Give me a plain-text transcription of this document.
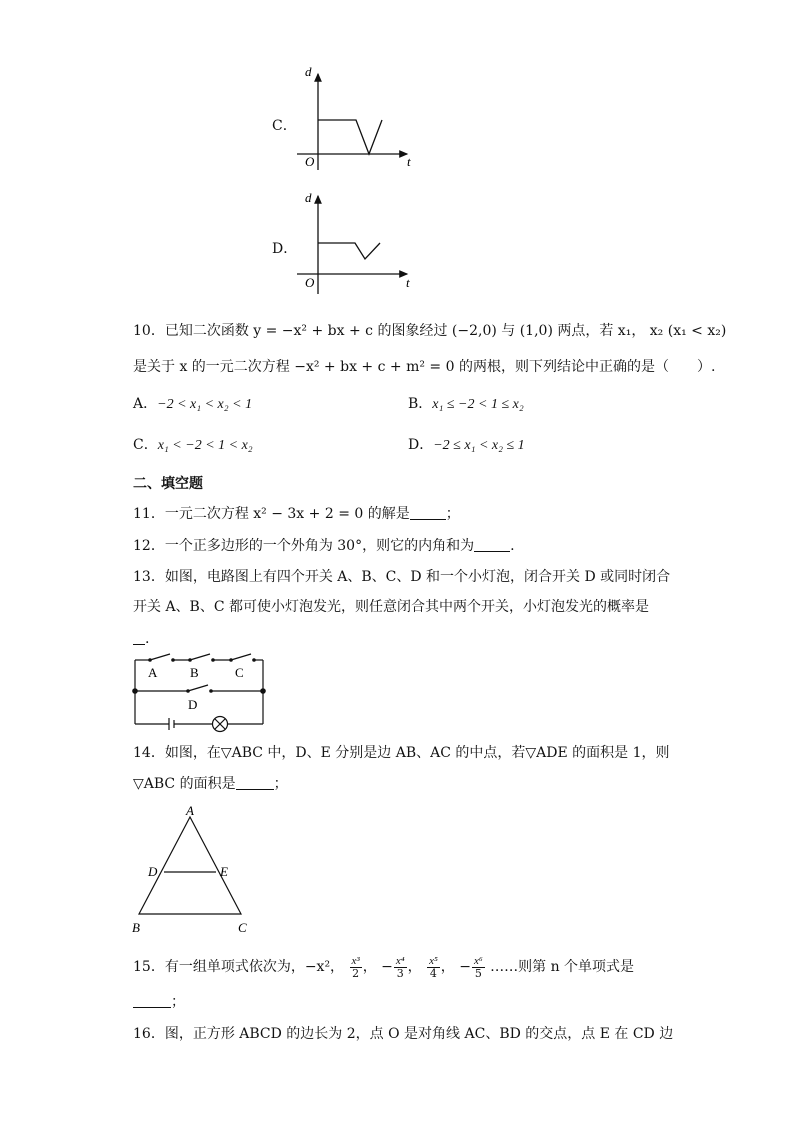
C．
d
t
O
D．
d
t
O
10．已知二次函数 y = −x² + bx + c 的图象经过 (−2,0) 与 (1,0) 两点，若 x₁， x₂ (x₁ < x₂)
是关于 x 的一元二次方程 −x² + bx + c + m² = 0 的两根，则下列结论中正确的是（　　）.
A．−2 < x₁ < x₂ < 1	B．x₁ ≤ −2 < 1 ≤ x₂
C．x₁ < −2 < 1 < x₂	D．−2 ≤ x₁ < x₂ ≤ 1
二、填空题
11．一元二次方程 x² − 3x + 2 = 0 的解是	；
12．一个正多边形的一个外角为 30°，则它的内角和为	.
13．如图，电路图上有四个开关 A、B、C、D 和一个小灯泡，闭合开关 D 或同时闭合
开关 A、B、C 都可使小灯泡发光，则任意闭合其中两个开关，小灯泡发光的概率是
.
A	B	C
D
14．如图，在▽ABC 中，D、E 分别是边 AB、AC 的中点，若▽ADE 的面积是 1，则
▽ABC 的面积是	；
A
B	C
D	E
15．有一组单项式依次为，−x²， $\frac{\text{x³}}{2}$ ， − $\frac{\text{x⁴}}{3}$ ， $\frac{\text{x⁵}}{4}$ ， − $\frac{\text{x⁶}}{5}$ ……则第 n 个单项式是
；
16．图，正方形 ABCD 的边长为 2，点 O 是对角线 AC、BD 的交点，点 E 在 CD 边
